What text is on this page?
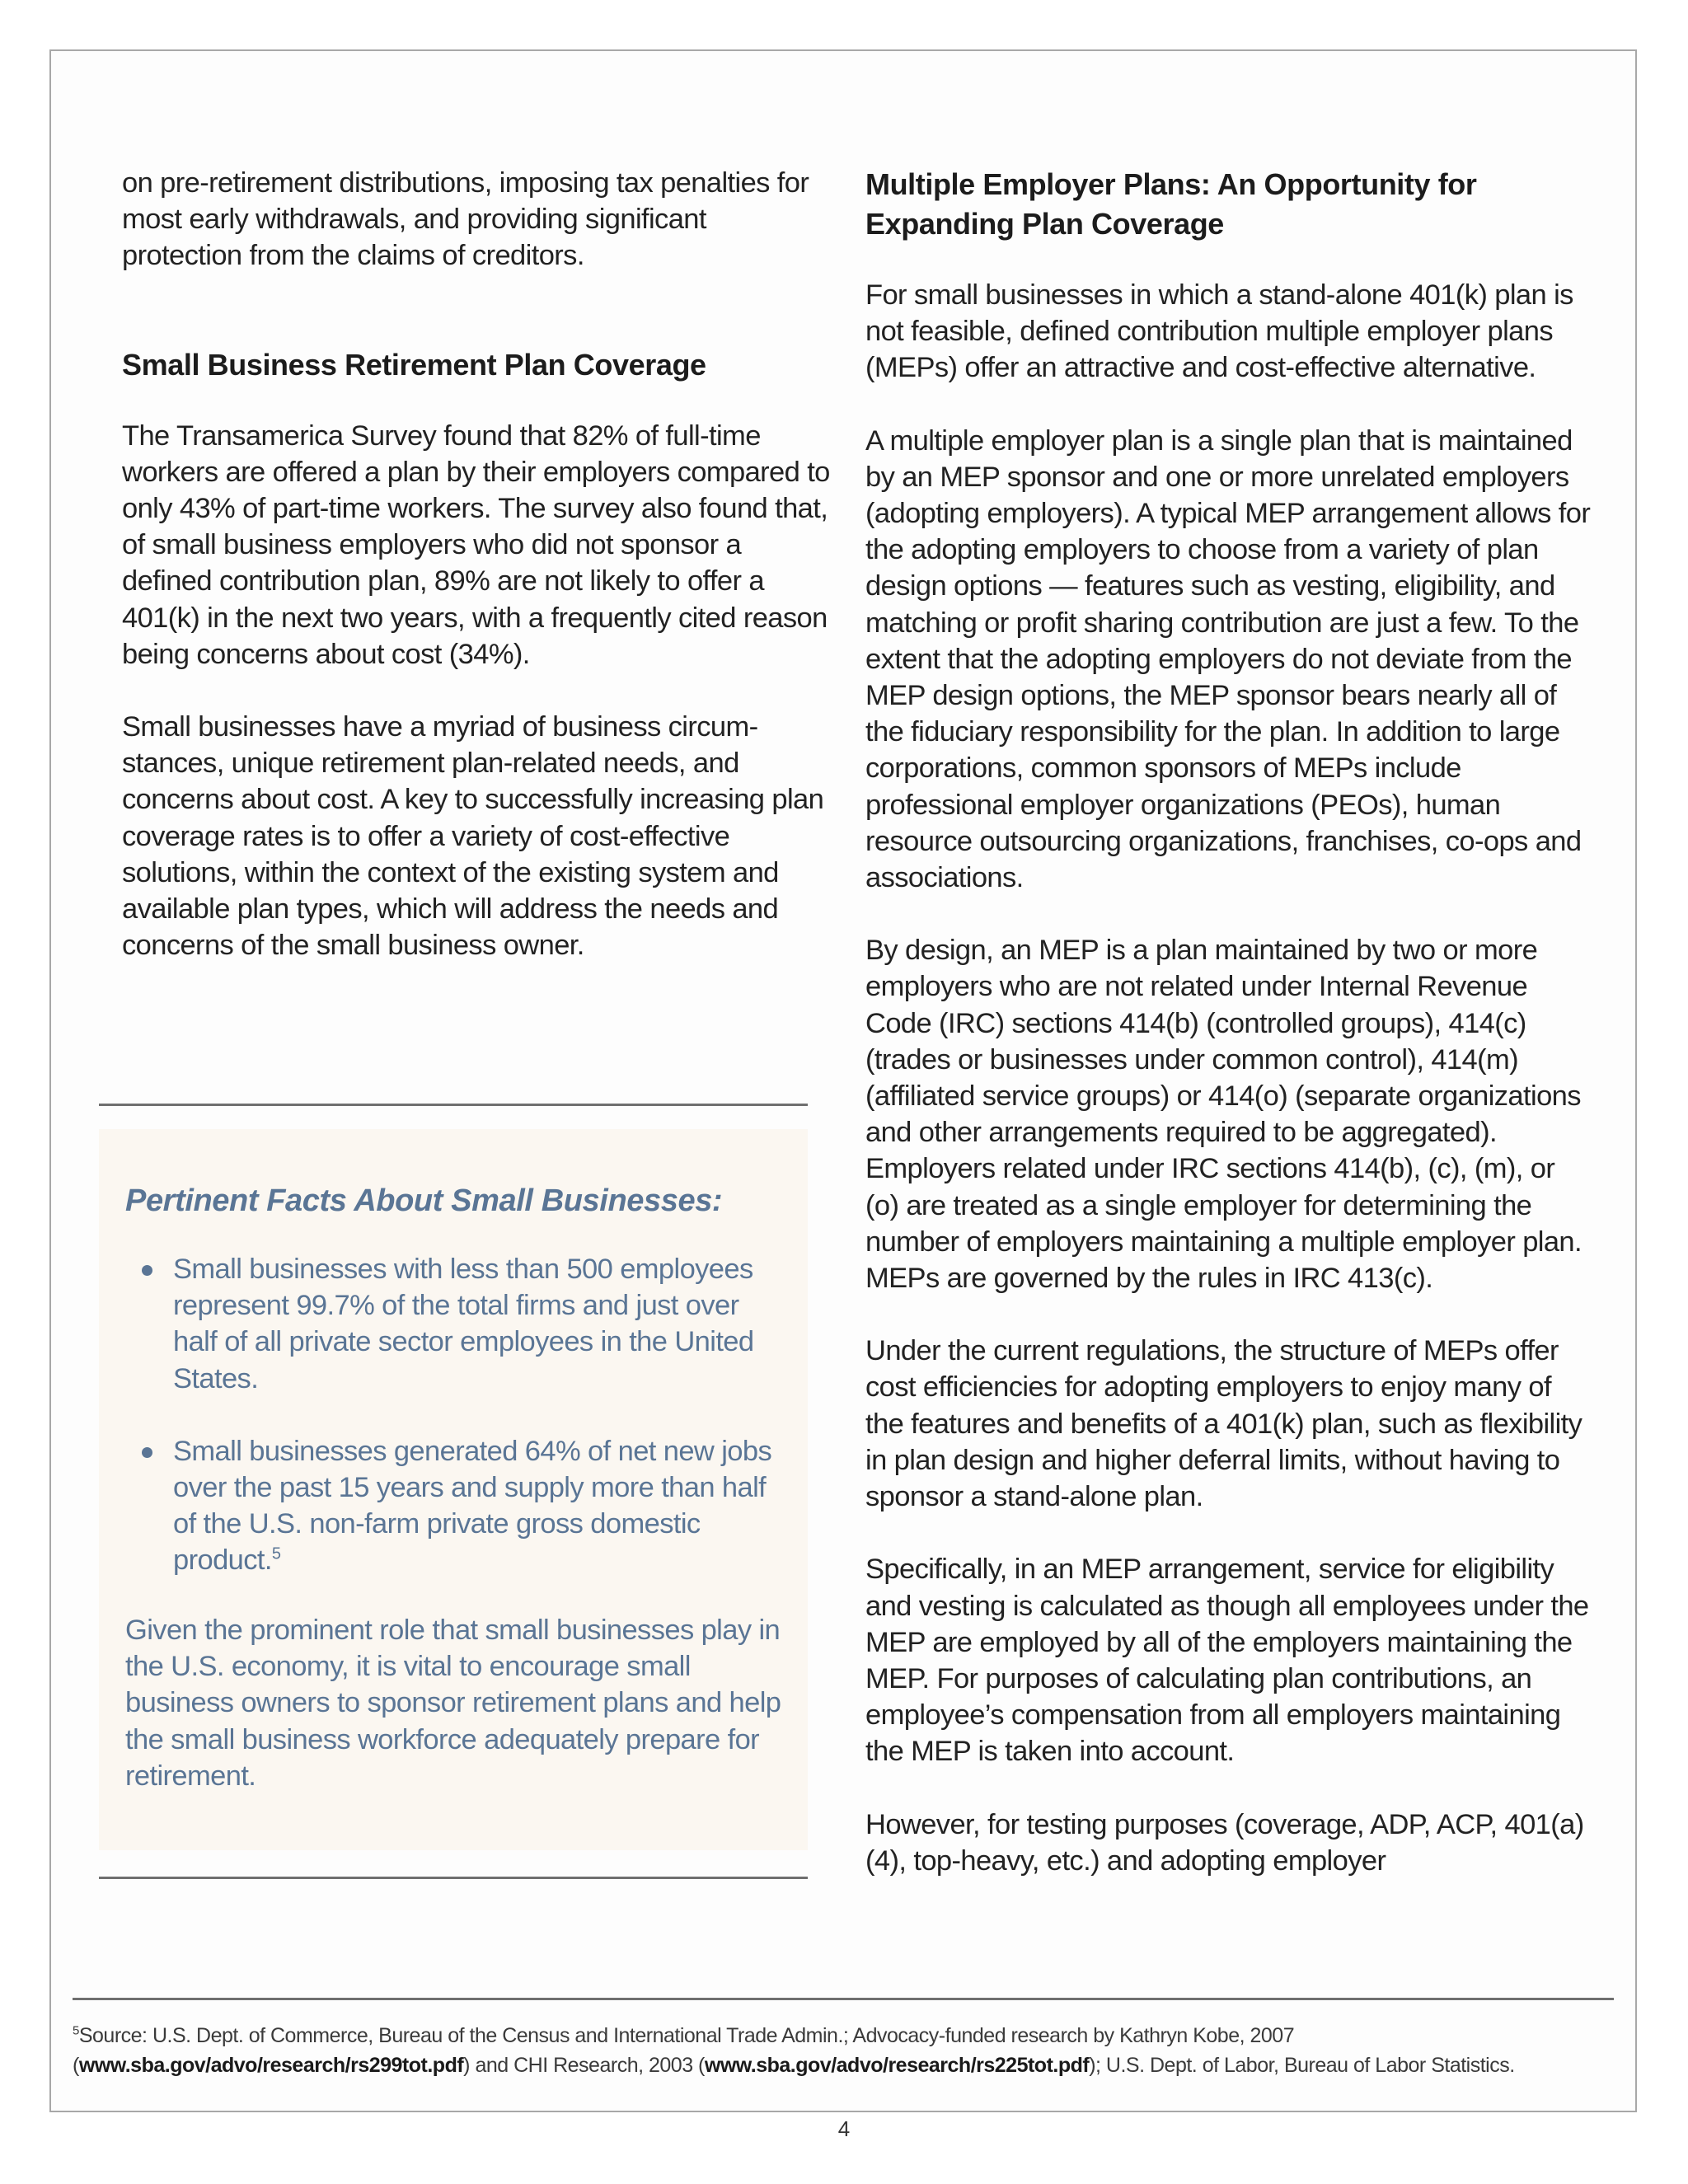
on pre-retirement distributions, imposing tax penalties for most early withdrawals, and providing significant protection from the claims of creditors.

Small Business Retirement Plan Coverage

The Transamerica Survey found that 82% of full-time workers are offered a plan by their employers compared to only 43% of part-time workers. The survey also found that, of small business employers who did not sponsor a defined contribution plan, 89% are not likely to offer a 401(k) in the next two years, with a frequently cited reason being concerns about cost (34%).

Small businesses have a myriad of business circum-stances, unique retirement plan-related needs, and concerns about cost. A key to successfully increasing plan coverage rates is to offer a variety of cost-effective solutions, within the context of the existing system and available plan types, which will address the needs and concerns of the small business owner.

Pertinent Facts About Small Businesses:
Small businesses with less than 500 employees represent 99.7% of the total firms and just over half of all private sector employees in the United States.
Small businesses generated 64% of net new jobs over the past 15 years and supply more than half of the U.S. non-farm private gross domestic product.$^5$

Given the prominent role that small businesses play in the U.S. economy, it is vital to encourage small business owners to sponsor retirement plans and help the small business workforce adequately prepare for retirement.

Multiple Employer Plans: An Opportunity for Expanding Plan Coverage

For small businesses in which a stand-alone 401(k) plan is not feasible, defined contribution multiple employer plans (MEPs) offer an attractive and cost-effective alternative.

A multiple employer plan is a single plan that is maintained by an MEP sponsor and one or more unrelated employers (adopting employers). A typical MEP arrangement allows for the adopting employers to choose from a variety of plan design options — features such as vesting, eligibility, and matching or profit sharing contribution are just a few. To the extent that the adopting employers do not deviate from the MEP design options, the MEP sponsor bears nearly all of the fiduciary responsibility for the plan. In addition to large corporations, common sponsors of MEPs include professional employer organizations (PEOs), human resource outsourcing organizations, franchises, co-ops and associations.

By design, an MEP is a plan maintained by two or more employers who are not related under Internal Revenue Code (IRC) sections 414(b) (controlled groups), 414(c) (trades or businesses under common control), 414(m) (affiliated service groups) or 414(o) (separate organizations and other arrangements required to be aggregated). Employers related under IRC sections 414(b), (c), (m), or (o) are treated as a single employer for determining the number of employers maintaining a multiple employer plan. MEPs are governed by the rules in IRC 413(c).

Under the current regulations, the structure of MEPs offer cost efficiencies for adopting employers to enjoy many of the features and benefits of a 401(k) plan, such as flexibility in plan design and higher deferral limits, without having to sponsor a stand-alone plan.

Specifically, in an MEP arrangement, service for eligibility and vesting is calculated as though all employees under the MEP are employed by all of the employers maintaining the MEP. For purposes of calculating plan contributions, an employee’s compensation from all employers maintaining the MEP is taken into account.

However, for testing purposes (coverage, ADP, ACP, 401(a)(4), top-heavy, etc.) and adopting employer

$^5$Source: U.S. Dept. of Commerce, Bureau of the Census and International Trade Admin.; Advocacy-funded research by Kathryn Kobe, 2007
(www.sba.gov/advo/research/rs299tot.pdf) and CHI Research, 2003 (www.sba.gov/advo/research/rs225tot.pdf); U.S. Dept. of Labor, Bureau of Labor Statistics.
4
